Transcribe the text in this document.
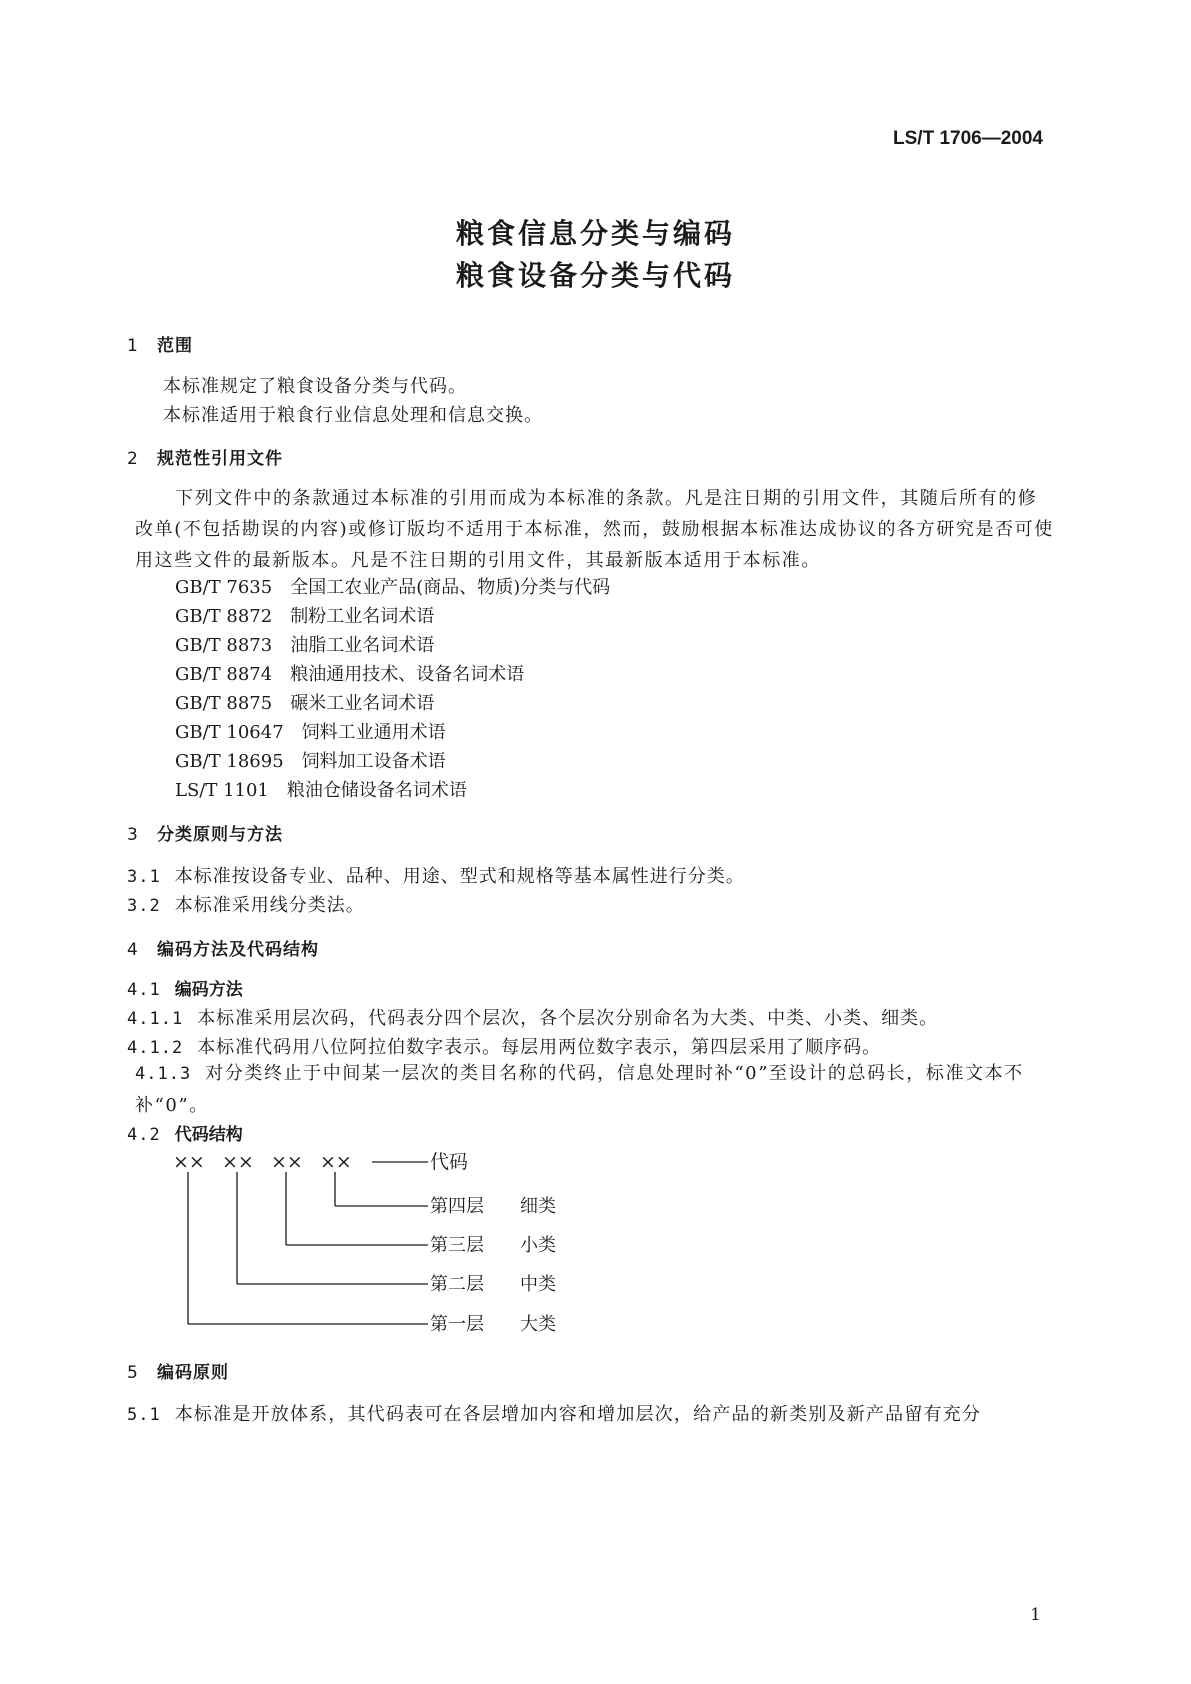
LS/T 1706—2004
粮食信息分类与编码
粮食设备分类与代码
1 范围
本标准规定了粮食设备分类与代码。
本标准适用于粮食行业信息处理和信息交换。
2 规范性引用文件
下列文件中的条款通过本标准的引用而成为本标准的条款。凡是注日期的引用文件，其随后所有的修改单(不包括勘误的内容)或修订版均不适用于本标准，然而，鼓励根据本标准达成协议的各方研究是否可使用这些文件的最新版本。凡是不注日期的引用文件，其最新版本适用于本标准。
GB/T 7635 全国工农业产品(商品、物质)分类与代码
GB/T 8872 制粉工业名词术语
GB/T 8873 油脂工业名词术语
GB/T 8874 粮油通用技术、设备名词术语
GB/T 8875 碾米工业名词术语
GB/T 10647 饲料工业通用术语
GB/T 18695 饲料加工设备术语
LS/T 1101 粮油仓储设备名词术语
3 分类原则与方法
3.1 本标准按设备专业、品种、用途、型式和规格等基本属性进行分类。
3.2 本标准采用线分类法。
4 编码方法及代码结构
4.1 编码方法
4.1.1 本标准采用层次码，代码表分四个层次，各个层次分别命名为大类、中类、小类、细类。
4.1.2 本标准代码用八位阿拉伯数字表示。每层用两位数字表示，第四层采用了顺序码。
4.1.3 对分类终止于中间某一层次的类目名称的代码，信息处理时补“0”至设计的总码长，标准文本不补“0”。
4.2 代码结构
×× ×× ×× ××	代码
第四层 细类
第三层 小类
第二层 中类
第一层 大类
5 编码原则
5.1 本标准是开放体系，其代码表可在各层增加内容和增加层次，给产品的新类别及新产品留有充分
1
